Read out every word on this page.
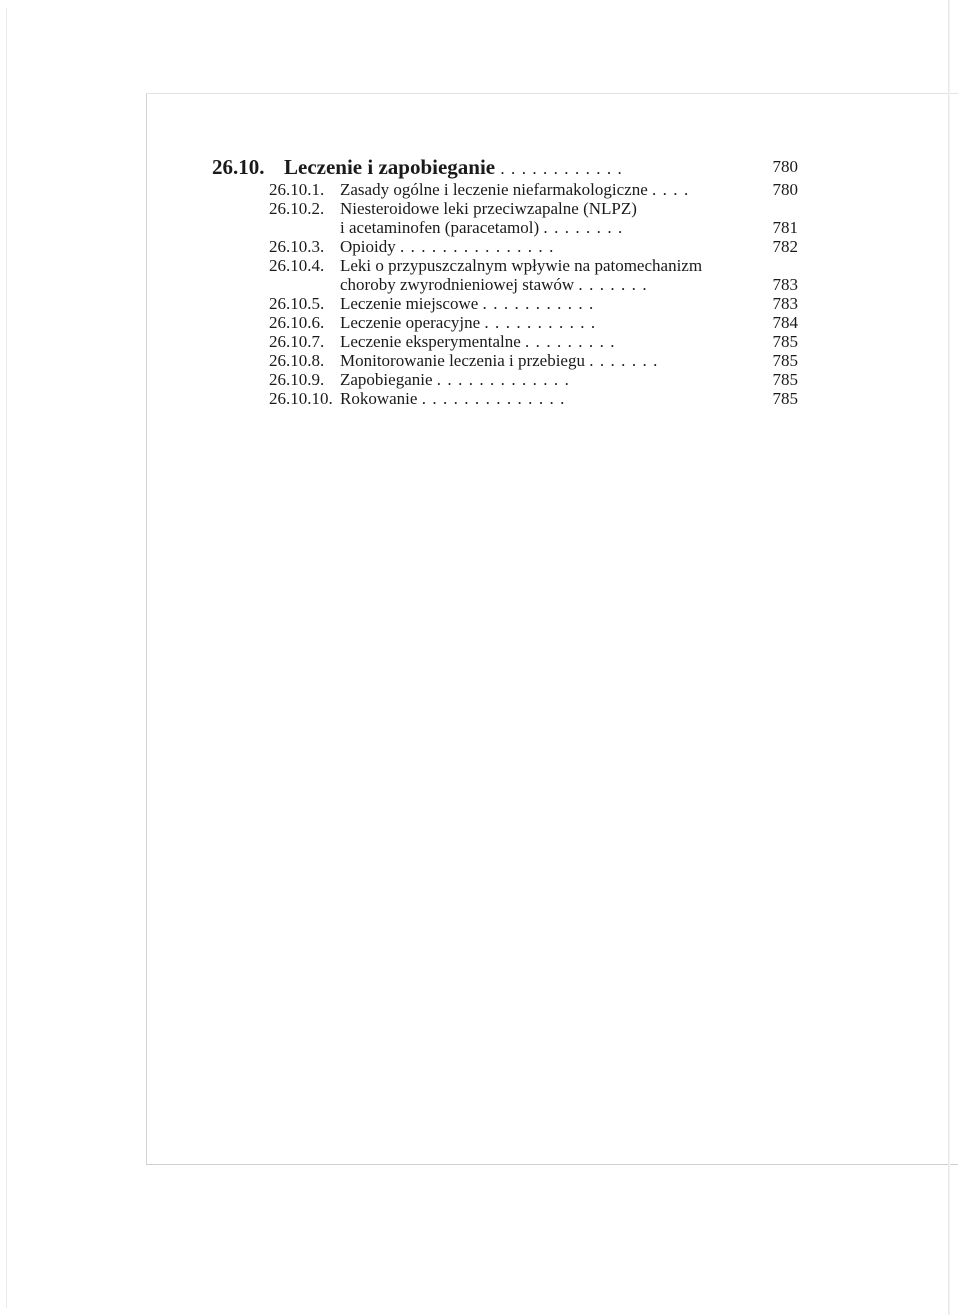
26.10. Leczenie i zapobieganie ............	780
26.10.1. Zasady ogólne i leczenie niefarmakologiczne ....	780
26.10.2. Niesteroidowe leki przeciwzapalne (NLPZ)
i acetaminofen (paracetamol) ........	781
26.10.3. Opioidy ...............	782
26.10.4. Leki o przypuszczalnym wpływie na patomechanizm
choroby zwyrodnieniowej stawów .......	783
26.10.5. Leczenie miejscowe ...........	783
26.10.6. Leczenie operacyjne ...........	784
26.10.7. Leczenie eksperymentalne .........	785
26.10.8. Monitorowanie leczenia i przebiegu .......	785
26.10.9. Zapobieganie .............	785
26.10.10. Rokowanie ..............	785
